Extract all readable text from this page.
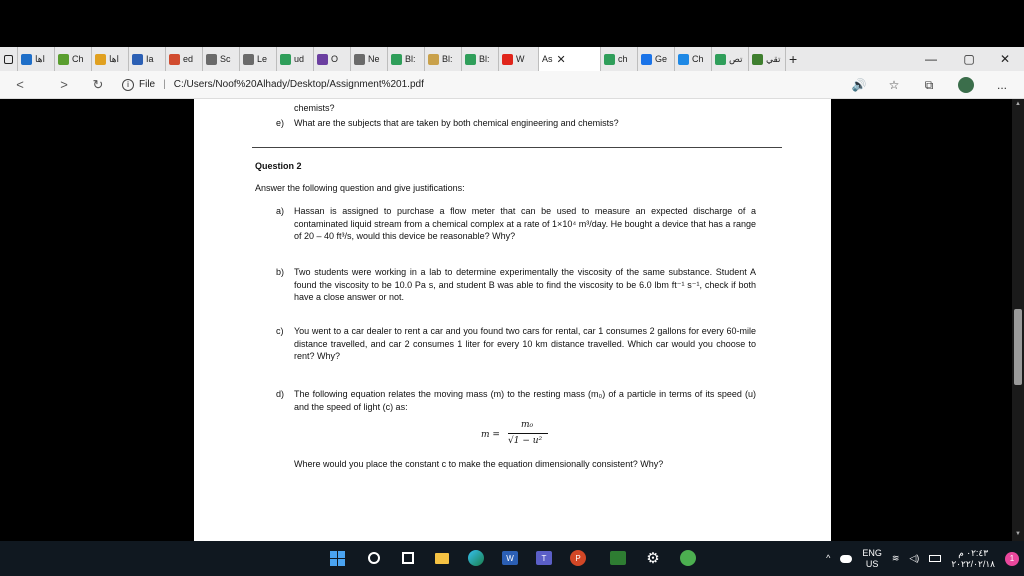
اها	Ch	اها	Ia	ed	Sc	Le	ud	O	Ne	Bl:	Bl:	Bl:	W As ✕	ch	Ge	Ch	تص	تقي +	—	▢	✕
<	> ↻	i	File | C:/Users/Noof%20Alhady/Desktop/Assignment%201.pdf	🔊 ☆ ⧉	...
chemists?
e) What are the subjects that are taken by both chemical engineering and chemists?
Question 2
Answer the following question and give justifications:
a) Hassan is assigned to purchase a flow meter that can be used to measure an expected discharge of a contaminated liquid stream from a chemical complex at a rate of 1×10⁴ m³/day. He bought a device that has a range of 20 – 40 ft³/s, would this device be reasonable? Why?
b) Two students were working in a lab to determine experimentally the viscosity of the same substance. Student A found the viscosity to be 10.0 Pa s, and student B was able to find the viscosity to be 6.0 lbm ft⁻¹ s⁻¹, check if both have a close answer or not.
c) You went to a car dealer to rent a car and you found two cars for rental, car 1 consumes 2 gallons for every 60-mile distance travelled, and car 2 consumes 1 liter for every 10 km distance travelled. Which car would you choose to rent? Why?
d) The following equation relates the moving mass (m) to the resting mass (m₀) of a particle in terms of its speed (u) and the speed of light (c) as:
m =
m₀
√1 − u²
Where would you place the constant c to make the equation dimensionally consistent? Why?
▲
▼
W	T	P	⚙	^
ENG
US
≋ ◁)
٠٢:٤٣ م
٢٠٢٢/٠٢/١٨	1
